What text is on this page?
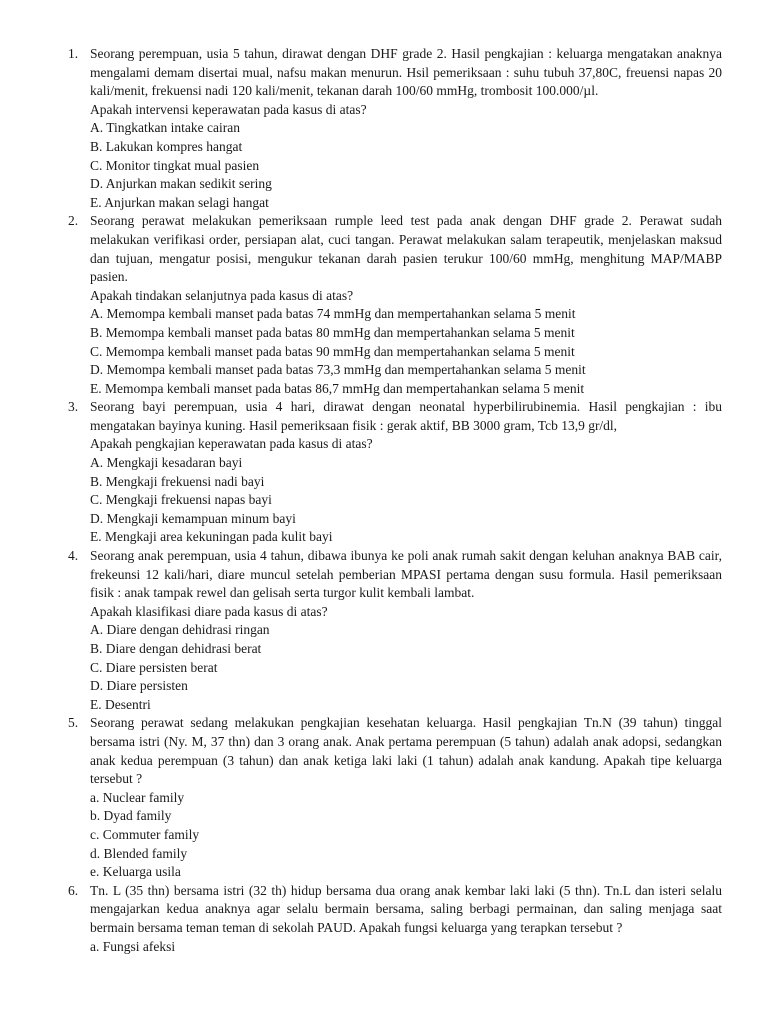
1. Seorang perempuan, usia 5 tahun, dirawat dengan DHF grade 2. Hasil pengkajian : keluarga mengatakan anaknya mengalami demam disertai mual, nafsu makan menurun. Hsil pemeriksaan : suhu tubuh 37,80C, freuensi napas 20 kali/menit, frekuensi nadi 120 kali/menit, tekanan darah 100/60 mmHg, trombosit 100.000/µl.
Apakah intervensi keperawatan pada kasus di atas?
A. Tingkatkan intake cairan
B. Lakukan kompres hangat
C. Monitor tingkat mual pasien
D. Anjurkan makan sedikit sering
E. Anjurkan makan selagi hangat
2. Seorang perawat melakukan pemeriksaan rumple leed test pada anak dengan DHF grade 2. Perawat sudah melakukan verifikasi order, persiapan alat, cuci tangan. Perawat melakukan salam terapeutik, menjelaskan maksud dan tujuan, mengatur posisi, mengukur tekanan darah pasien terukur 100/60 mmHg, menghitung MAP/MABP pasien.
Apakah tindakan selanjutnya pada kasus di atas?
A. Memompa kembali manset pada batas 74 mmHg dan mempertahankan selama 5 menit
B. Memompa kembali manset pada batas 80 mmHg dan mempertahankan selama 5 menit
C. Memompa kembali manset pada batas 90 mmHg dan mempertahankan selama 5 menit
D. Memompa kembali manset pada batas 73,3 mmHg dan mempertahankan selama 5 menit
E. Memompa kembali manset pada batas 86,7 mmHg dan mempertahankan selama 5 menit
3. Seorang bayi perempuan, usia 4 hari, dirawat dengan neonatal hyperbilirubinemia. Hasil pengkajian : ibu mengatakan bayinya kuning. Hasil pemeriksaan fisik : gerak aktif, BB 3000 gram, Tcb 13,9 gr/dl,
Apakah pengkajian keperawatan pada kasus di atas?
A. Mengkaji kesadaran bayi
B. Mengkaji frekuensi nadi bayi
C. Mengkaji frekuensi napas bayi
D. Mengkaji kemampuan minum bayi
E. Mengkaji area kekuningan pada kulit bayi
4. Seorang anak perempuan, usia 4 tahun, dibawa ibunya ke poli anak rumah sakit dengan keluhan anaknya BAB cair, frekeunsi 12 kali/hari, diare muncul setelah pemberian MPASI pertama dengan susu formula. Hasil pemeriksaan fisik : anak tampak rewel dan gelisah serta turgor kulit kembali lambat.
Apakah klasifikasi diare pada kasus di atas?
A. Diare dengan dehidrasi ringan
B. Diare dengan dehidrasi berat
C. Diare persisten berat
D. Diare persisten
E. Desentri
5. Seorang perawat sedang melakukan pengkajian kesehatan keluarga. Hasil pengkajian Tn.N (39 tahun) tinggal bersama istri (Ny. M, 37 thn) dan 3 orang anak. Anak pertama perempuan (5 tahun) adalah anak adopsi, sedangkan anak kedua perempuan (3 tahun) dan anak ketiga laki laki (1 tahun) adalah anak kandung. Apakah tipe keluarga tersebut ?
a. Nuclear family
b. Dyad family
c. Commuter family
d. Blended family
e. Keluarga usila
6. Tn. L (35 thn) bersama istri (32 th) hidup bersama dua orang anak kembar laki laki (5 thn). Tn.L dan isteri selalu mengajarkan kedua anaknya agar selalu bermain bersama, saling berbagi permainan, dan saling menjaga saat bermain bersama teman teman di sekolah PAUD. Apakah fungsi keluarga yang terapkan tersebut ?
a. Fungsi afeksi
